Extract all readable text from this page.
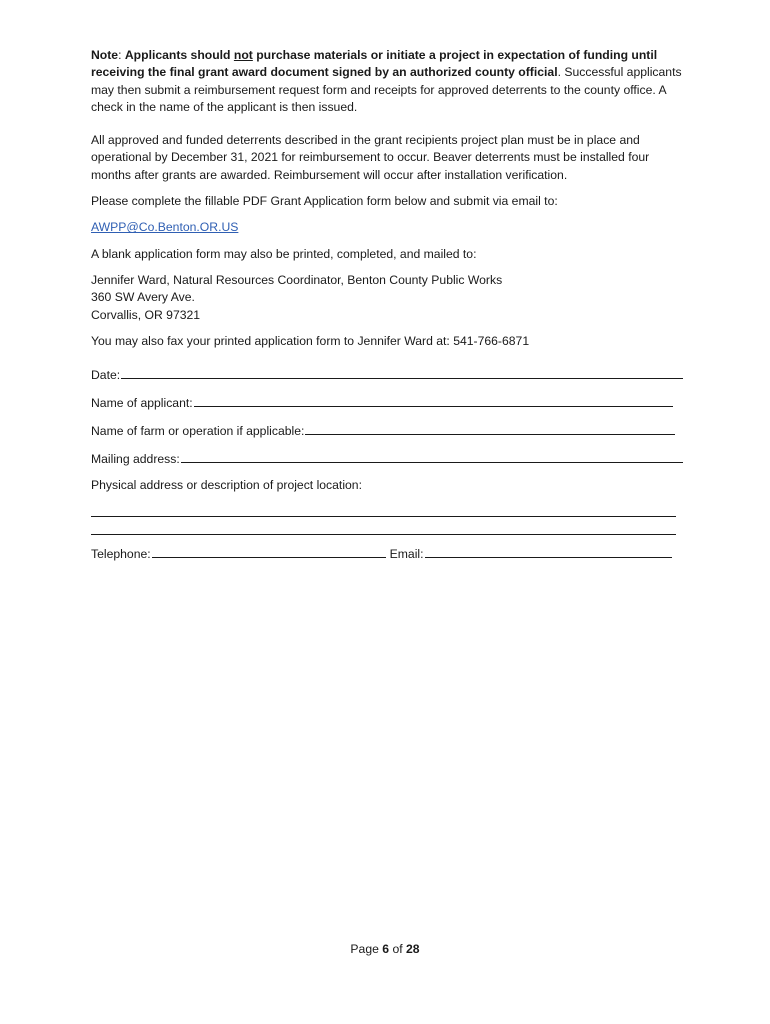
Note: Applicants should not purchase materials or initiate a project in expectation of funding until receiving the final grant award document signed by an authorized county official. Successful applicants may then submit a reimbursement request form and receipts for approved deterrents to the county office. A check in the name of the applicant is then issued.

All approved and funded deterrents described in the grant recipients project plan must be in place and operational by December 31, 2021 for reimbursement to occur. Beaver deterrents must be installed four months after grants are awarded. Reimbursement will occur after installation verification.

Please complete the fillable PDF Grant Application form below and submit via email to:

AWPP@Co.Benton.OR.US

A blank application form may also be printed, completed, and mailed to:

Jennifer Ward, Natural Resources Coordinator, Benton County Public Works
360 SW Avery Ave.
Corvallis, OR 97321

You may also fax your printed application form to Jennifer Ward at: 541-766-6871

Date:
Name of applicant:
Name of farm or operation if applicable:
Mailing address:
Physical address or description of project location:
Telephone:	Email:
Page 6 of 28
